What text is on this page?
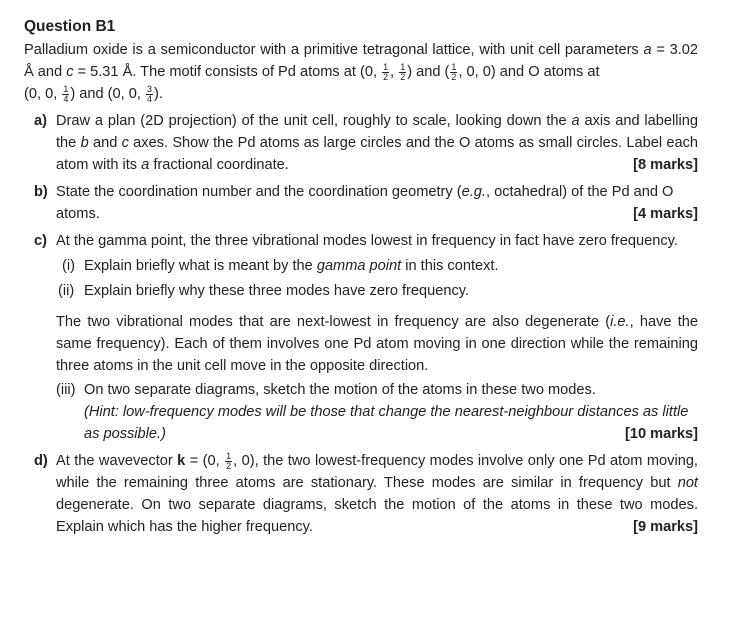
Question B1

Palladium oxide is a semiconductor with a primitive tetragonal lattice, with unit cell parameters a = 3.02 Å and c = 5.31 Å. The motif consists of Pd atoms at (0, $\frac{1}{2}$ , $\frac{1}{2}$ ) and ( $\frac{1}{2}$ , 0, 0) and O atoms at
(0, 0, $\frac{1}{4}$ ) and (0, 0, $\frac{3}{4}$ ).

a) Draw a plan (2D projection) of the unit cell, roughly to scale, looking down the a axis and labelling the b and c axes. Show the Pd atoms as large circles and the O atoms as small circles. Label each atom with its a fractional coordinate.	[8 marks]

b) State the coordination number and the coordination geometry (e.g., octahedral) of the Pd and O atoms.	[4 marks]

c) At the gamma point, the three vibrational modes lowest in frequency in fact have zero frequency.

(i) Explain briefly what is meant by the gamma point in this context.
(ii) Explain briefly why these three modes have zero frequency.

The two vibrational modes that are next-lowest in frequency are also degenerate (i.e., have the same frequency). Each of them involves one Pd atom moving in one direction while the remaining three atoms in the unit cell move in the opposite direction.

(iii) On two separate diagrams, sketch the motion of the atoms in these two modes.

(Hint: low-frequency modes will be those that change the nearest-neighbour distances as little as possible.)	[10 marks]

d) At the wavevector k = (0, $\frac{1}{2}$ , 0), the two lowest-frequency modes involve only one Pd atom moving, while the remaining three atoms are stationary. These modes are similar in frequency but not degenerate. On two separate diagrams, sketch the motion of the atoms in these two modes. Explain which has the higher frequency.	[9 marks]
